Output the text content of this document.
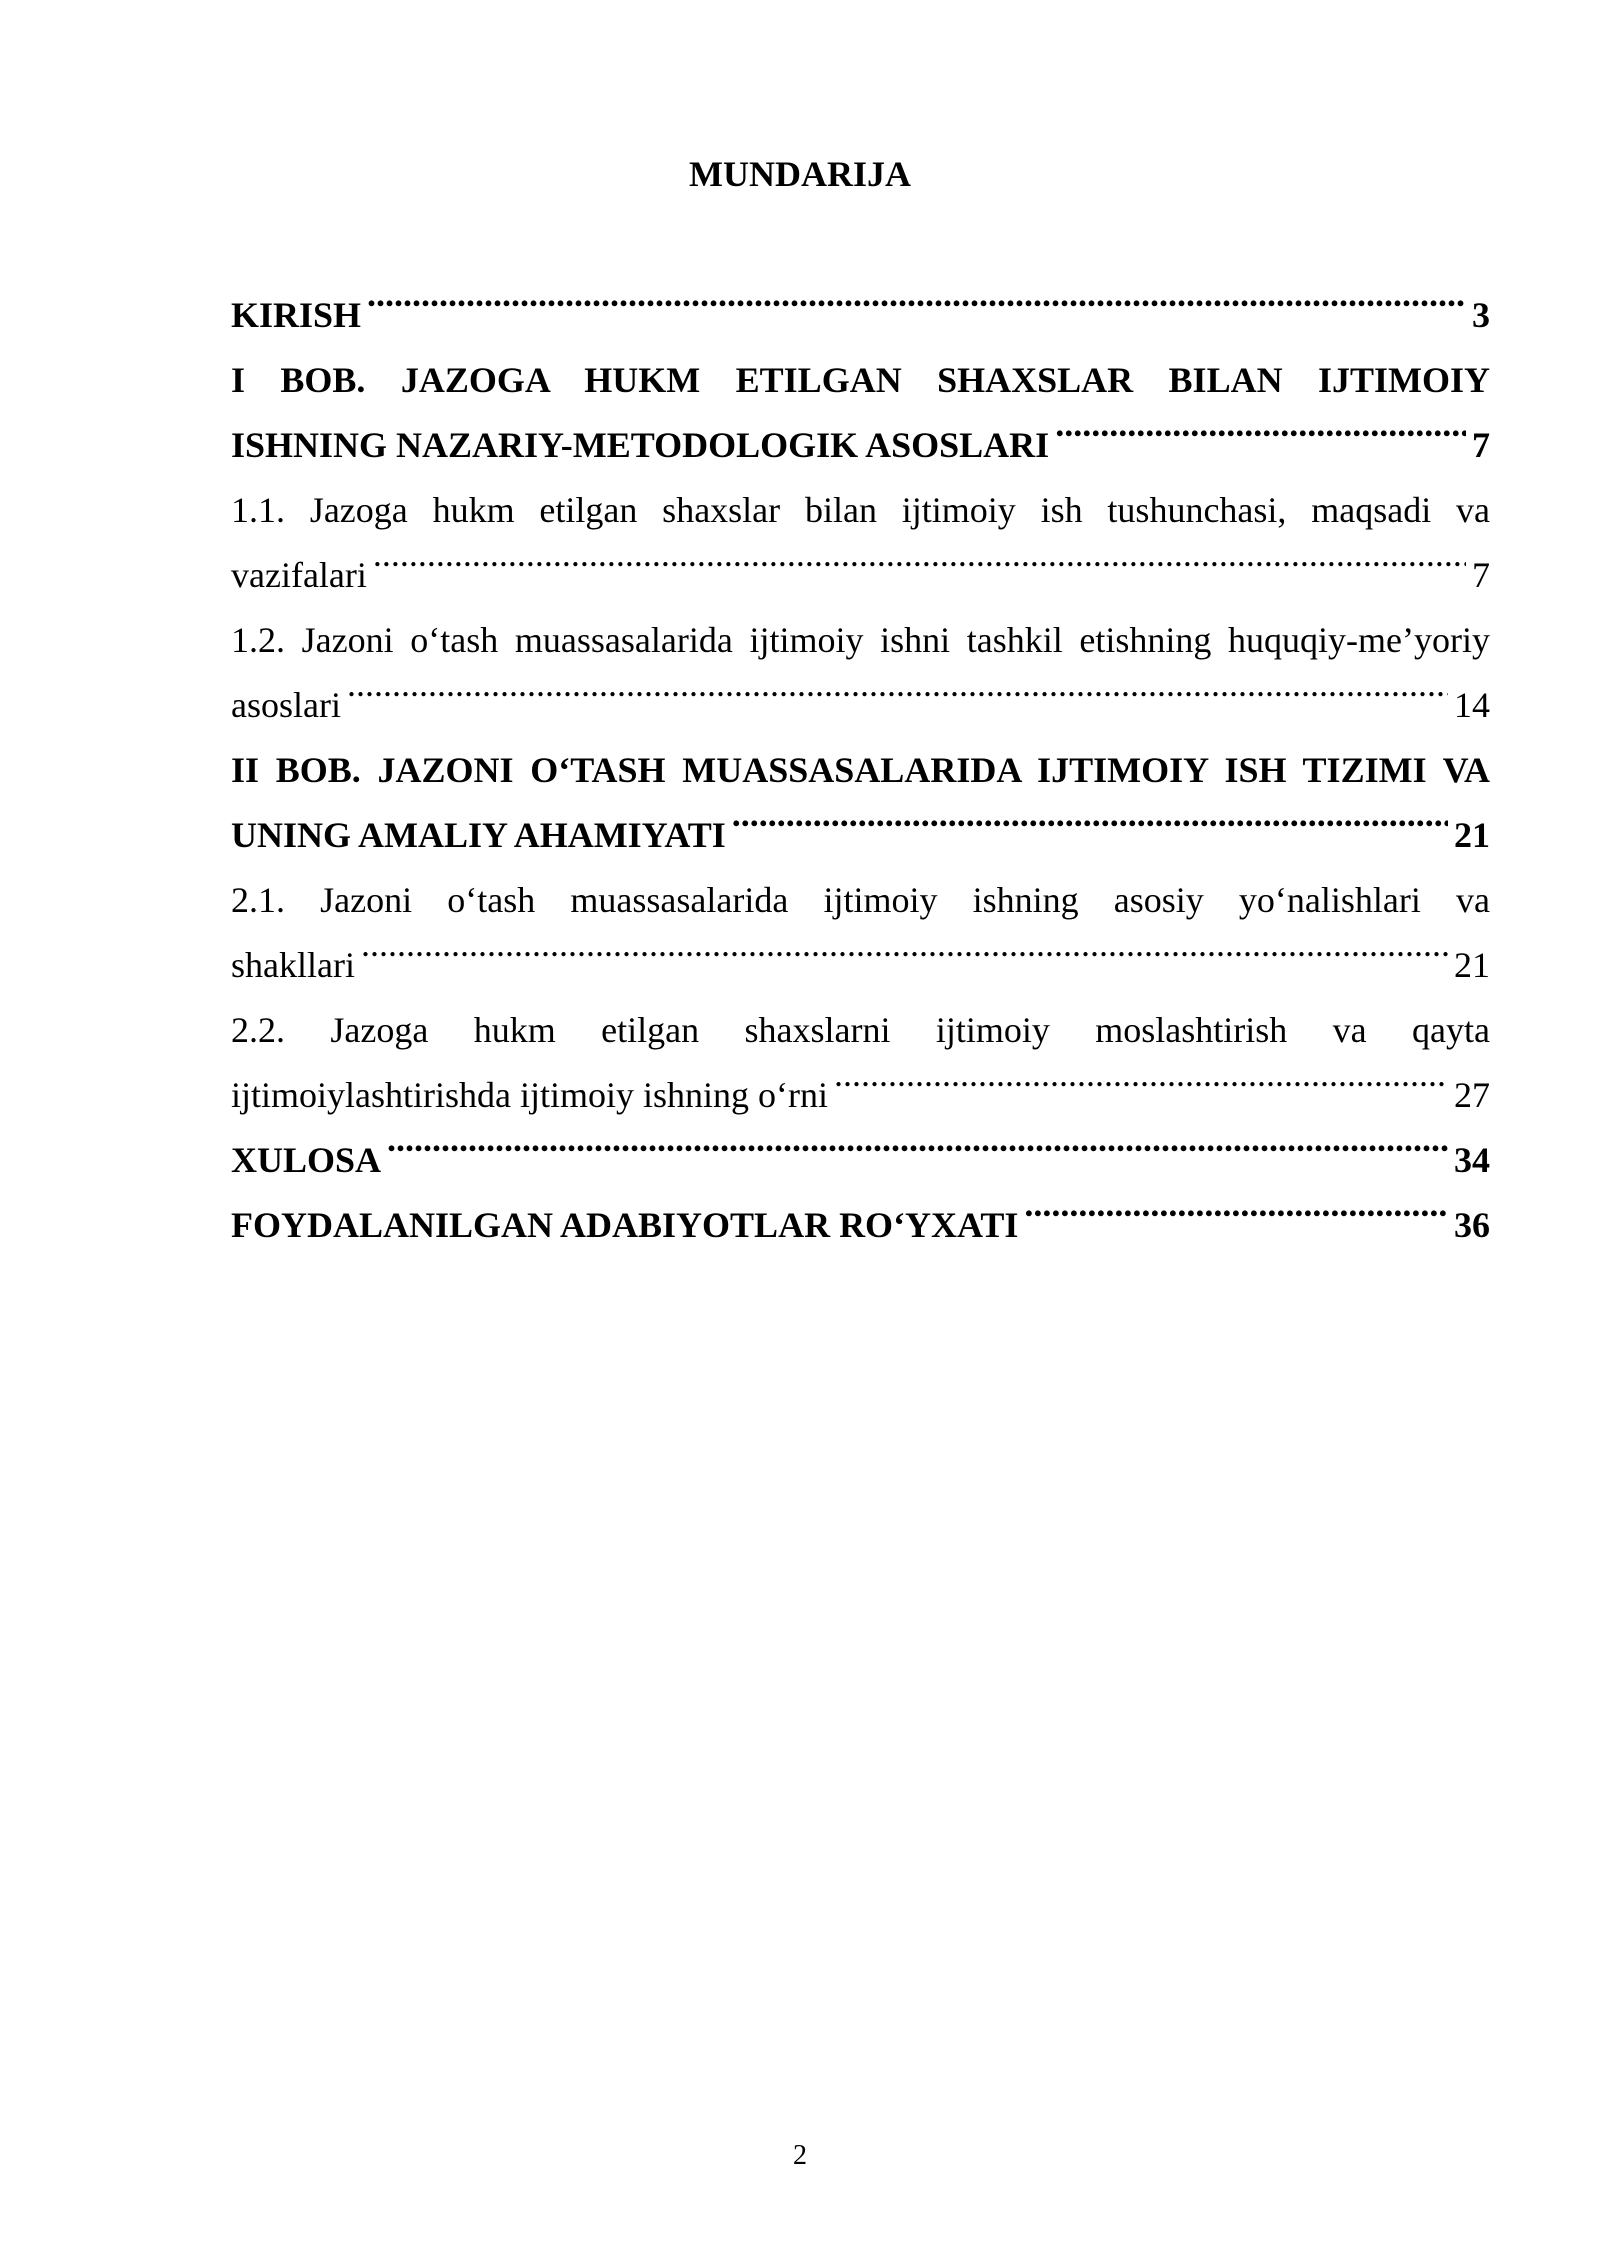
MUNDARIJA
KIRISH .....	3
I BOB. JAZOGA HUKM ETILGAN SHAXSLAR BILAN IJTIMOIY
ISHNING NAZARIY-METODOLOGIK ASOSLARI .....	7
1.1. Jazoga hukm etilgan shaxslar bilan ijtimoiy ish tushunchasi, maqsadi va
vazifalari .....	7
1.2. Jazoni o‘tash muassasalarida ijtimoiy ishni tashkil etishning huquqiy-me’yoriy
asoslari .....	14
II BOB. JAZONI O‘TASH MUASSASALARIDA IJTIMOIY ISH TIZIMI VA
UNING AMALIY AHAMIYATI .....	21
2.1. Jazoni o‘tash muassasalarida ijtimoiy ishning asosiy yo‘nalishlari va
shakllari .....	21
2.2. Jazoga hukm etilgan shaxslarni ijtimoiy moslashtirish va qayta
ijtimoiylashtirishda ijtimoiy ishning o‘rni .....	27
XULOSA .....	34
FOYDALANILGAN ADABIYOTLAR RO‘YXATI .....	36
2
